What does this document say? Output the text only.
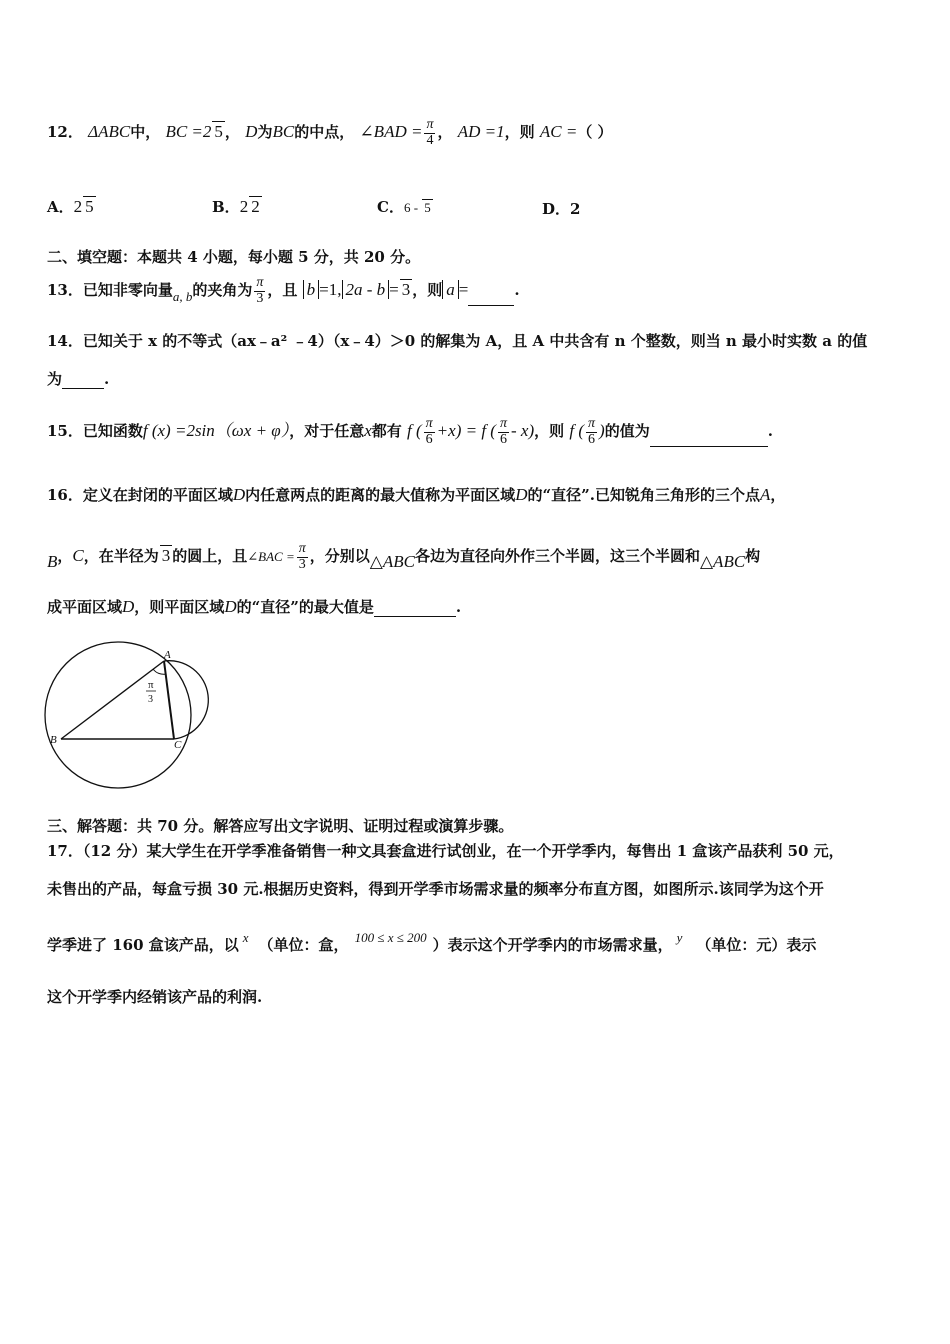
12． ΔABC中， BC =2 5 ， D为BC的中点， ∠BAD = $\frac{\pi}{4}$ ， AD =1，则 AC =（ ）
A．2 5	B．2 2	C．6 - 5	D．2
二、填空题：本题共 4 小题，每小题 5 分，共 20 分。
13．已知非零向量a, b的夹角为 $\frac{\pi}{3}$ ，且 b =1, 2a - b = 3 ，则 a =	.
14．已知关于 x 的不等式（ax﹣a² ﹣4）（x﹣4）＞0 的解集为 A，且 A 中共含有 n 个整数，则当 n 最小时实数 a 的值
为	.
15．已知函数f (x) =2sin（ωx + φ），对于任意x都有 f ( $\frac{\pi}{6} +x) = f$ ( $\frac{\pi}{6} - x$)，则 f ( $\frac{\pi}{6}$ )的值为	.
16．定义在封闭的平面区域D内任意两点的距离的最大值称为平面区域D的“直径”.已知锐角三角形的三个点A，
B，C，在半径为 3 的圆上，且∠BAC = $\frac{\pi}{3}$ ，分别以△ABC各边为直径向外作三个半圆，这三个半圆和△ABC构
成平面区域D，则平面区域D的“直径”的最大值是	.
A
B	C
π
3
三、解答题：共 70 分。解答应写出文字说明、证明过程或演算步骤。
17．（12 分）某大学生在开学季准备销售一种文具套盒进行试创业，在一个开学季内，每售出 1 盒该产品获利 50 元，
未售出的产品，每盒亏损 30 元.根据历史资料，得到开学季市场需求量的频率分布直方图，如图所示.该同学为这个开
学季进了 160 盒该产品，以 x （单位：盒， 100 ≤ x ≤ 200 ）表示这个开学季内的市场需求量， y （单位：元）表示
这个开学季内经销该产品的利润.
